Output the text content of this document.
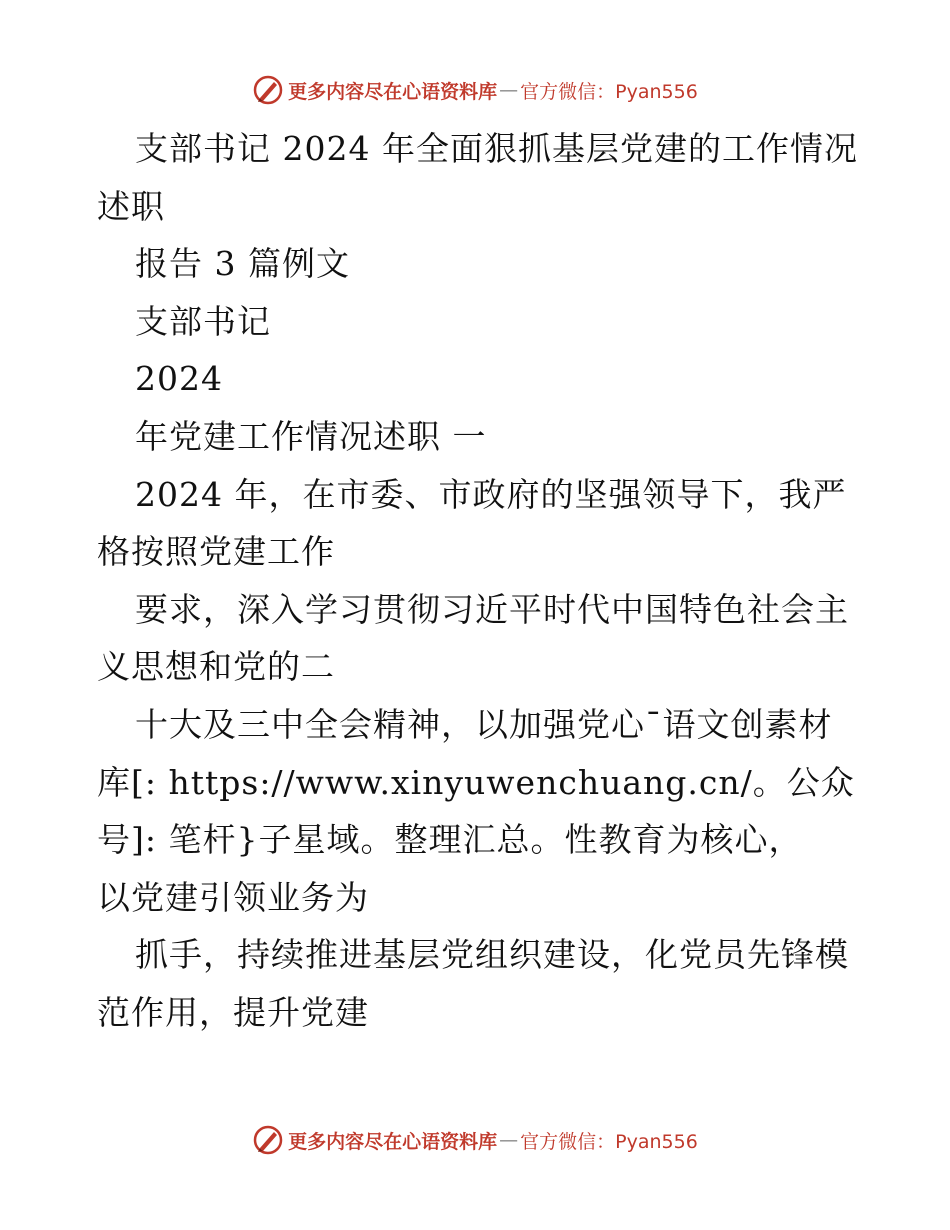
更多内容尽在心语资料库 — 官方微信：Pyan556
支部书记 2024 年全面狠抓基层党建的工作情况
述职
报告 3 篇例文
支部书记
2024
年党建工作情况述职 一
2024 年，在市委、市政府的坚强领导下，我严
格按照党建工作
要求，深入学习贯彻习近平时代中国特色社会主
义思想和党的二
十大及三中全会精神，以加强党心¯语文创素材
库[: https://www.xinyuwenchuang.cn/。公众
号]: 笔杆}子星域。整理汇总。性教育为核心，
以党建引领业务为
抓手，持续推进基层党组织建设，化党员先锋模
范作用，提升党建
更多内容尽在心语资料库 — 官方微信：Pyan556
